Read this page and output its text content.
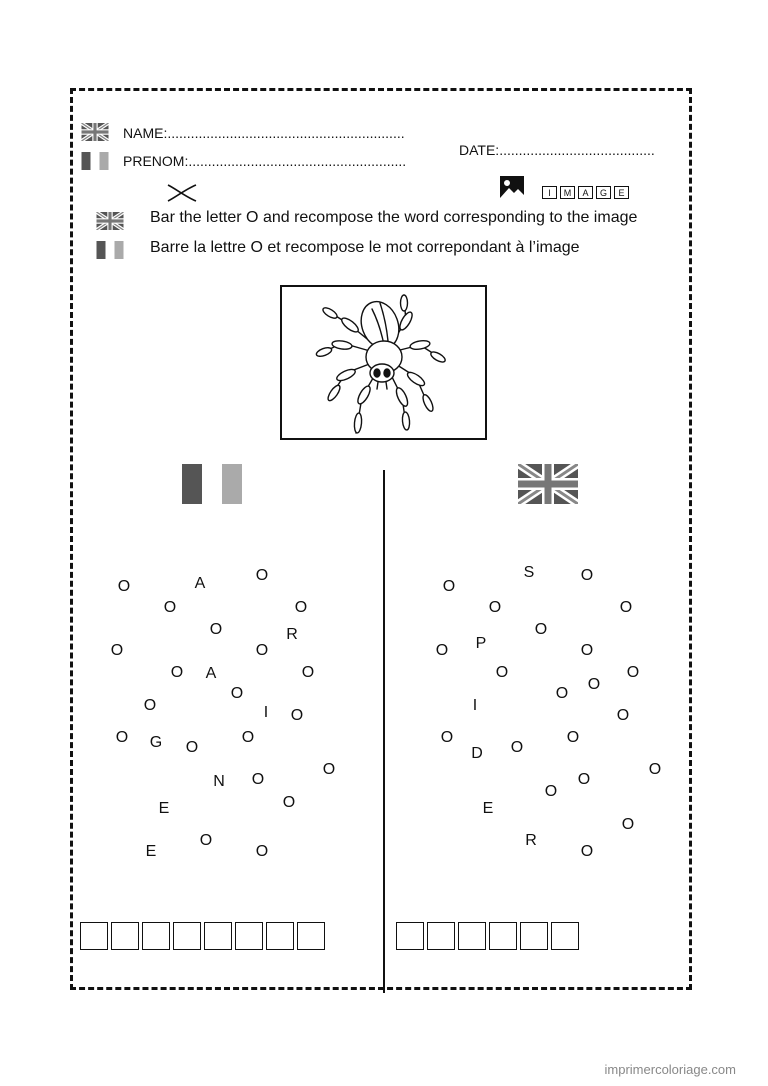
NAME:.............................................................
PRENOM:........................................................
DATE:........................................
I	M	A	G	E
Bar the letter O and recompose the word corresponding to the image
Barre la lettre O et recompose le mot correpondant à l’image
O	A	O
O	O
O	R
O	O
O A	O
O
O	I O
O G O
O
N O
O
E	O
E
O
O
O
S	O
O	O
O
O P	O
O	O
O
O
I
O
O
O
O
D
O
O
O
E
O
R
O
imprimercoloriage.com
